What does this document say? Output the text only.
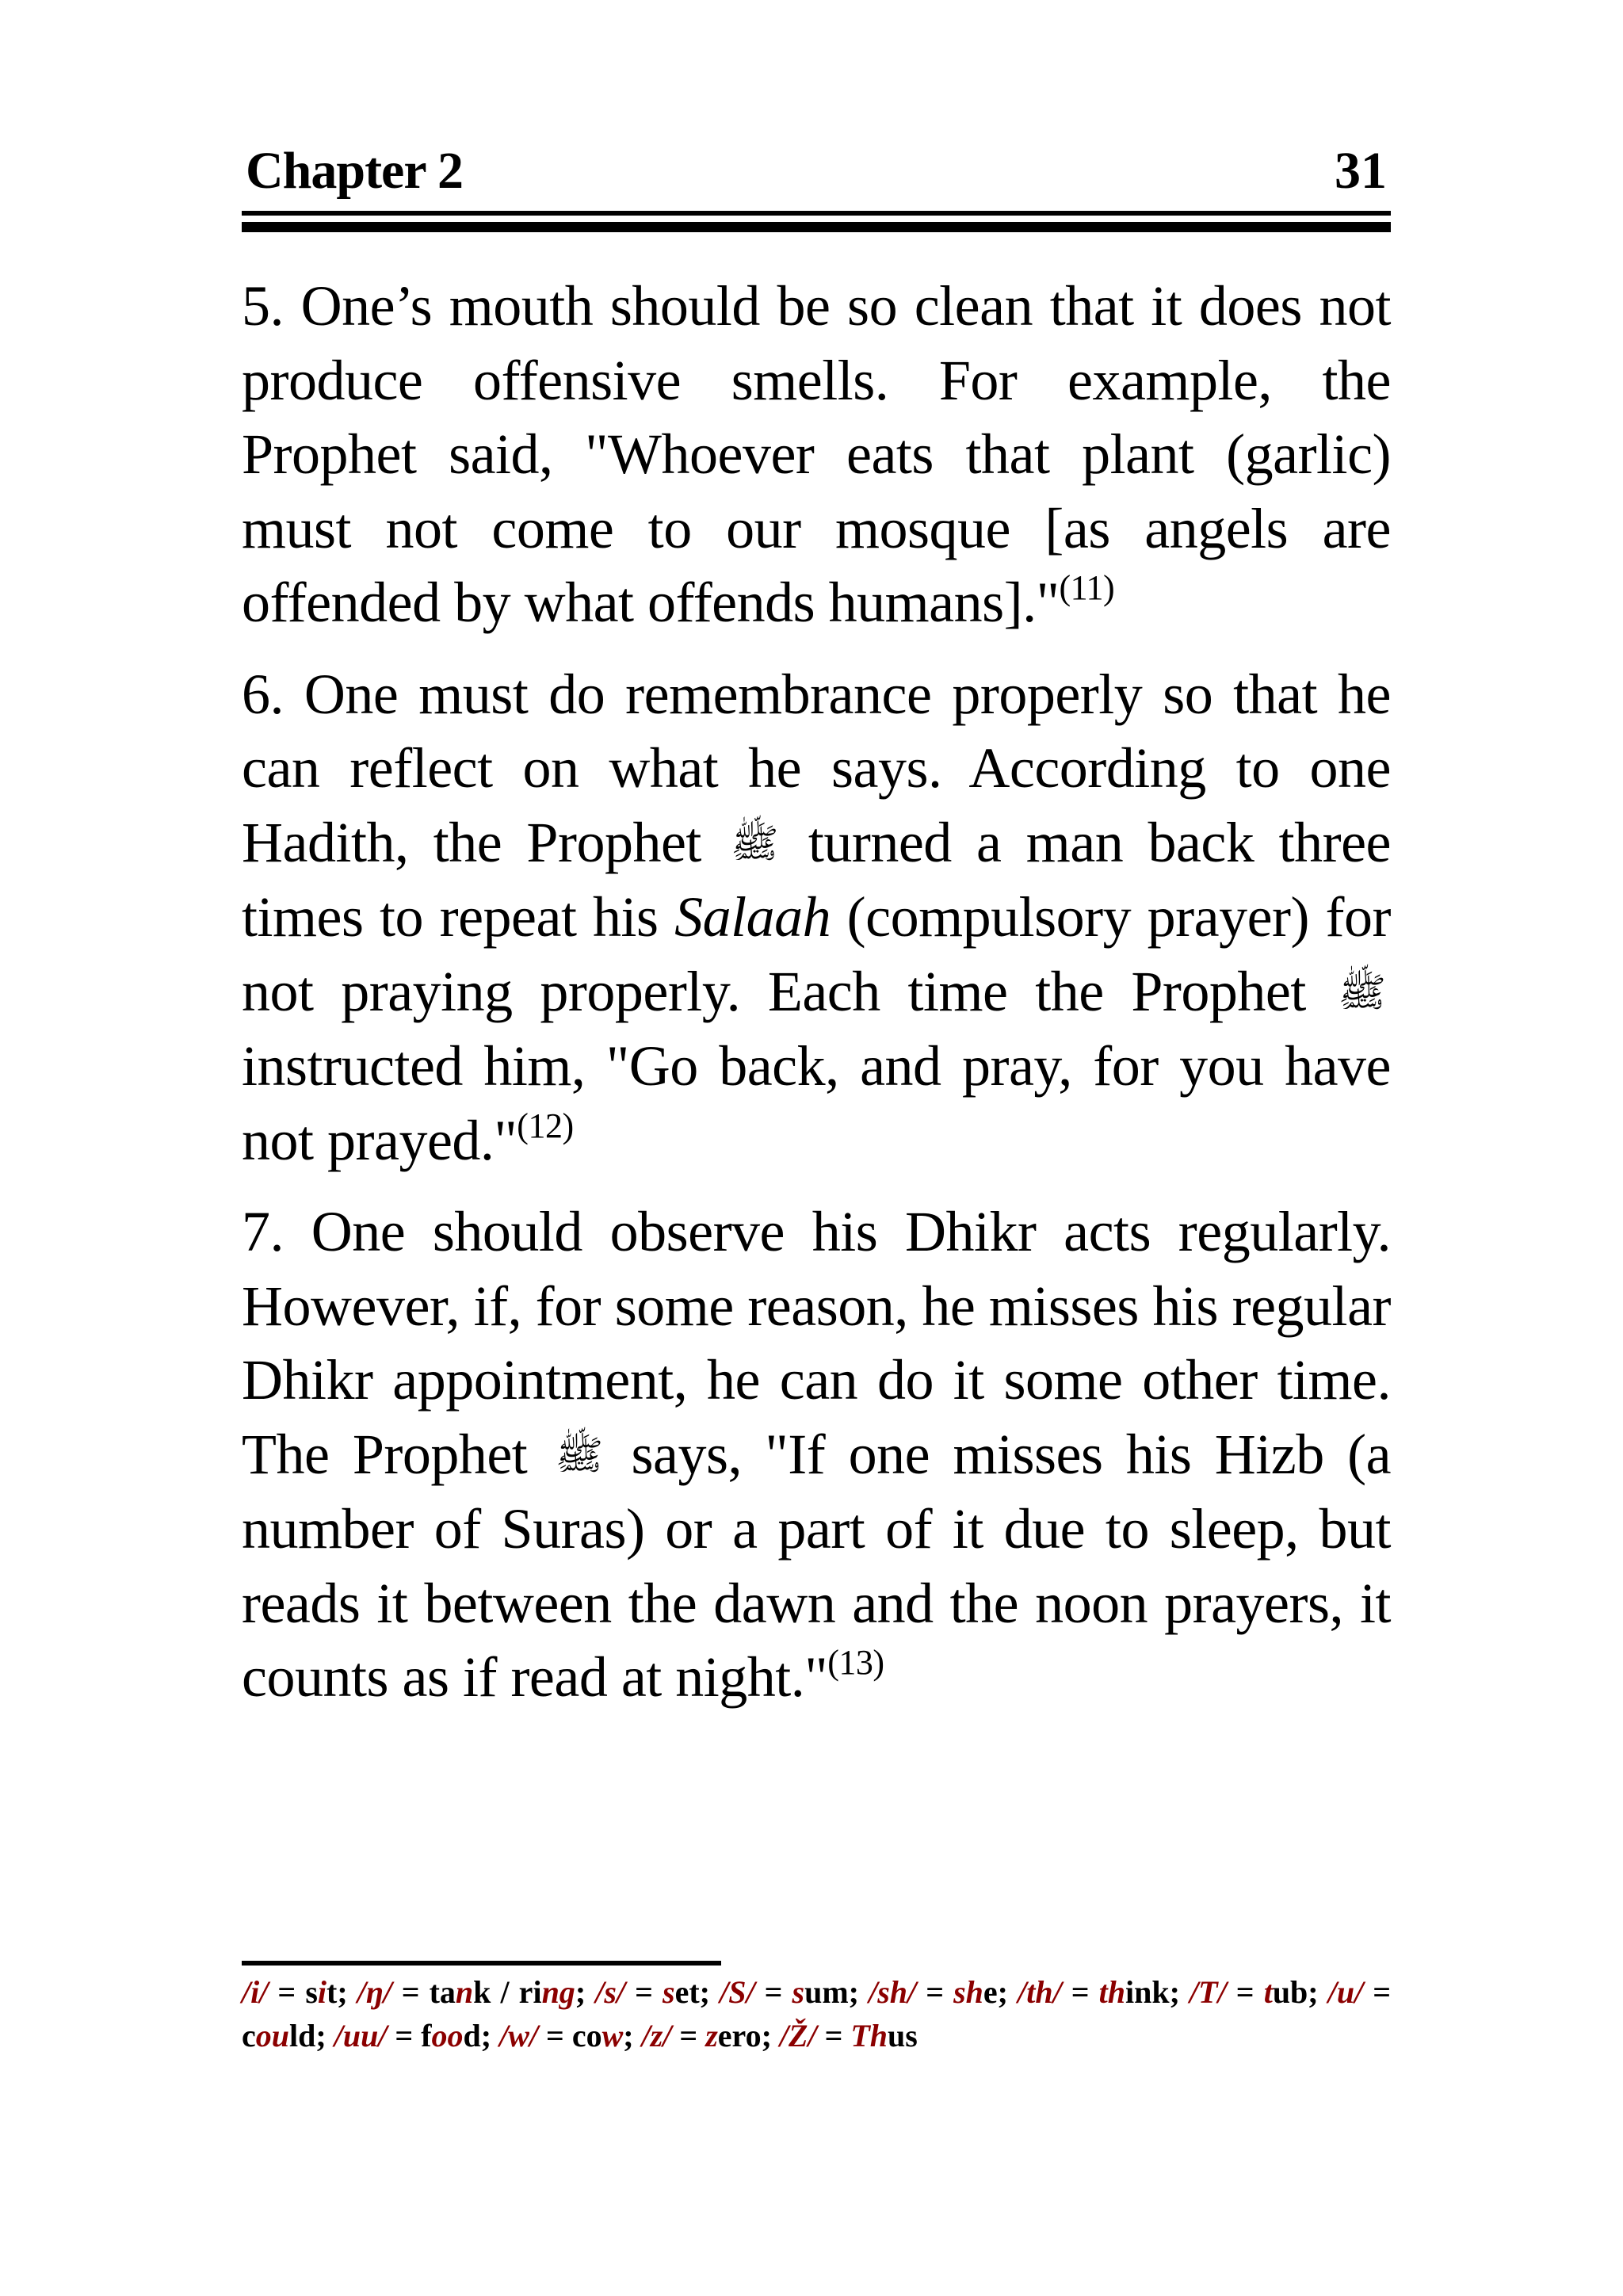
Chapter 2	31

5. One’s mouth should be so clean that it does not produce offensive smells. For example, the Prophet said, "Whoever eats that plant (garlic) must not come to our mosque [as angels are offended by what offends humans]."$^{(11)}$

6. One must do remembrance properly so that he can reflect on what he says. According to one Hadith, the Prophet ﷺ turned a man back three times to repeat his Salaah (compulsory prayer) for not praying properly. Each time the Prophet ﷺ instructed him, "Go back, and pray, for you have not prayed."$^{(12)}$

7. One should observe his Dhikr acts regularly. However, if, for some reason, he misses his regular Dhikr appointment, he can do it some other time. The Prophet ﷺ says, "If one misses his Hizb (a number of Suras) or a part of it due to sleep, but reads it between the dawn and the noon prayers, it counts as if read at night."$^{(13)}$

/i/ = sit; /ŋ/ = tank / ring; /s/ = set; /S/ = sum; /sh/ = she; /th/ = think; /T/ = tub; /u/ = could; /uu/ = food; /w/ = cow; /z/ = zero; /Ž/ = Thus
